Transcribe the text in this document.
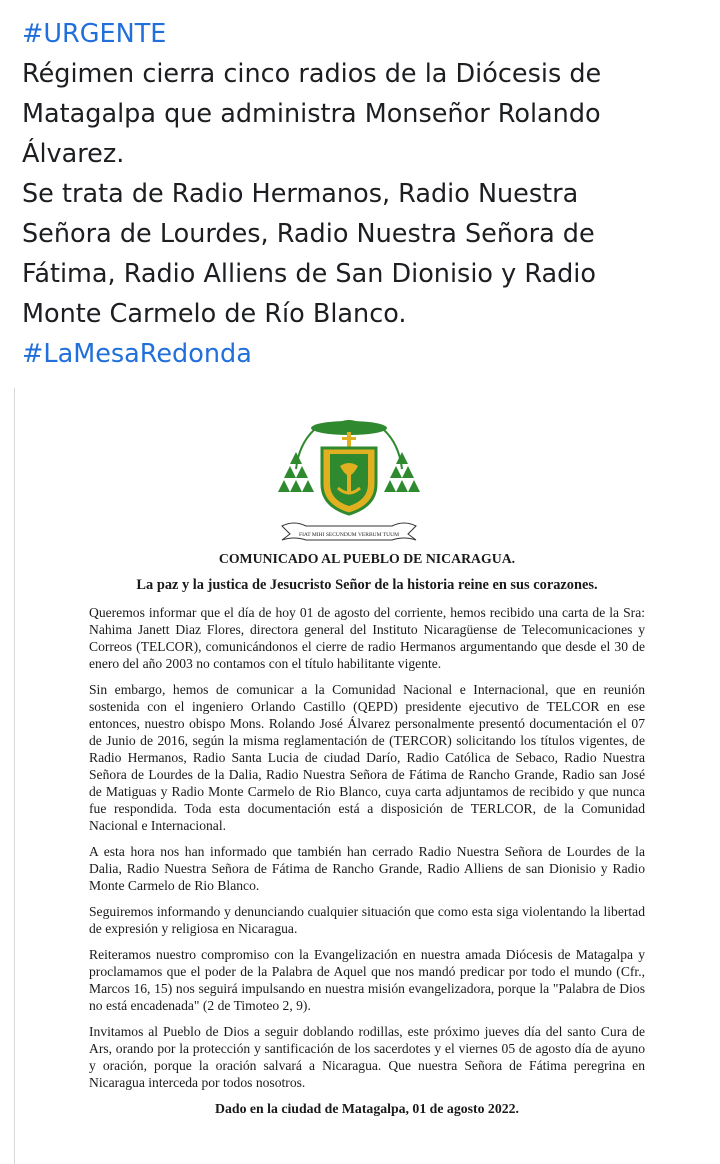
#URGENTE
Régimen cierra cinco radios de la Diócesis de
Matagalpa que administra Monseñor Rolando
Álvarez.
Se trata de Radio Hermanos, Radio Nuestra
Señora de Lourdes, Radio Nuestra Señora de
Fátima, Radio Alliens de San Dionisio y Radio
Monte Carmelo de Río Blanco.
#LaMesaRedonda
FIAT MIHI SECUNDUM VERBUM TUUM
COMUNICADO AL PUEBLO DE NICARAGUA.
La paz y la justica de Jesucristo Señor de la historia reine en sus corazones.

Queremos informar que el día de hoy 01 de agosto del corriente, hemos recibido una carta de la Sra: Nahima Janett Diaz Flores, directora general del Instituto Nicaragüense de Telecomunicaciones y Correos (TELCOR), comunicándonos el cierre de radio Hermanos argumentando que desde el 30 de enero del año 2003 no contamos con el título habilitante vigente.

Sin embargo, hemos de comunicar a la Comunidad Nacional e Internacional, que en reunión sostenida con el ingeniero Orlando Castillo (QEPD) presidente ejecutivo de TELCOR en ese entonces, nuestro obispo Mons. Rolando José Álvarez personalmente presentó documentación el 07 de Junio de 2016, según la misma reglamentación de (TERCOR) solicitando los títulos vigentes, de Radio Hermanos, Radio Santa Lucia de ciudad Darío, Radio Católica de Sebaco, Radio Nuestra Señora de Lourdes de la Dalia, Radio Nuestra Señora de Fátima de Rancho Grande, Radio san José de Matiguas y Radio Monte Carmelo de Rio Blanco, cuya carta adjuntamos de recibido y que nunca fue respondida. Toda esta documentación está a disposición de TERLCOR, de la Comunidad Nacional e Internacional.

A esta hora nos han informado que también han cerrado Radio Nuestra Señora de Lourdes de la Dalia, Radio Nuestra Señora de Fátima de Rancho Grande, Radio Alliens de san Dionisio y Radio Monte Carmelo de Rio Blanco.

Seguiremos informando y denunciando cualquier situación que como esta siga violentando la libertad de expresión y religiosa en Nicaragua.

Reiteramos nuestro compromiso con la Evangelización en nuestra amada Diócesis de Matagalpa y proclamamos que el poder de la Palabra de Aquel que nos mandó predicar por todo el mundo (Cfr., Marcos 16, 15) nos seguirá impulsando en nuestra misión evangelizadora, porque la "Palabra de Dios no está encadenada" (2 de Timoteo 2, 9).

Invitamos al Pueblo de Dios a seguir doblando rodillas, este próximo jueves día del santo Cura de Ars, orando por la protección y santificación de los sacerdotes y el viernes 05 de agosto día de ayuno y oración, porque la oración salvará a Nicaragua. Que nuestra Señora de Fátima peregrina en Nicaragua interceda por todos nosotros.

Dado en la ciudad de Matagalpa, 01 de agosto 2022.
